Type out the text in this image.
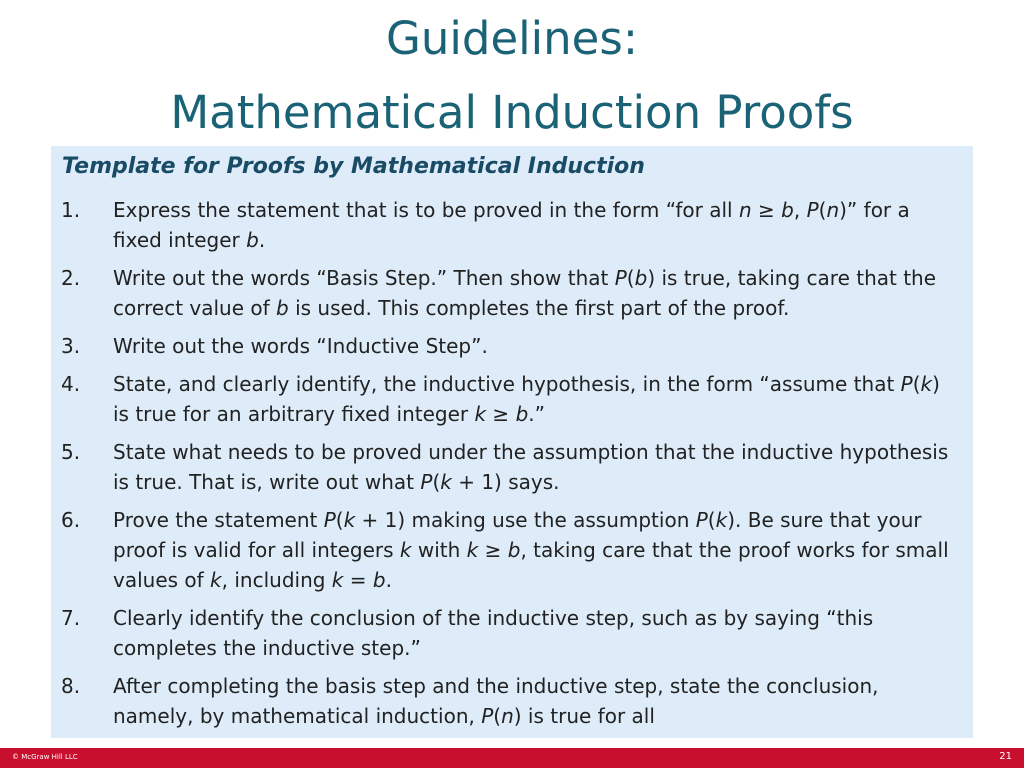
Guidelines:
Mathematical Induction Proofs
Template for Proofs by Mathematical Induction
1. Express the statement that is to be proved in the form “for all n ≥ b, P(n)” for a fixed integer b.
2. Write out the words “Basis Step.” Then show that P(b) is true, taking care that the correct value of b is used. This completes the first part of the proof.
3. Write out the words “Inductive Step”.
4. State, and clearly identify, the inductive hypothesis, in the form “assume that P(k) is true for an arbitrary fixed integer k ≥ b.”
5. State what needs to be proved under the assumption that the inductive hypothesis is true. That is, write out what P(k + 1) says.
6. Prove the statement P(k + 1) making use the assumption P(k). Be sure that your proof is valid for all integers k with k ≥ b, taking care that the proof works for small values of k, including k = b.
7. Clearly identify the conclusion of the inductive step, such as by saying “this completes the inductive step.”
8. After completing the basis step and the inductive step, state the conclusion, namely, by mathematical induction, P(n) is true for all
© McGraw Hill LLC	21
